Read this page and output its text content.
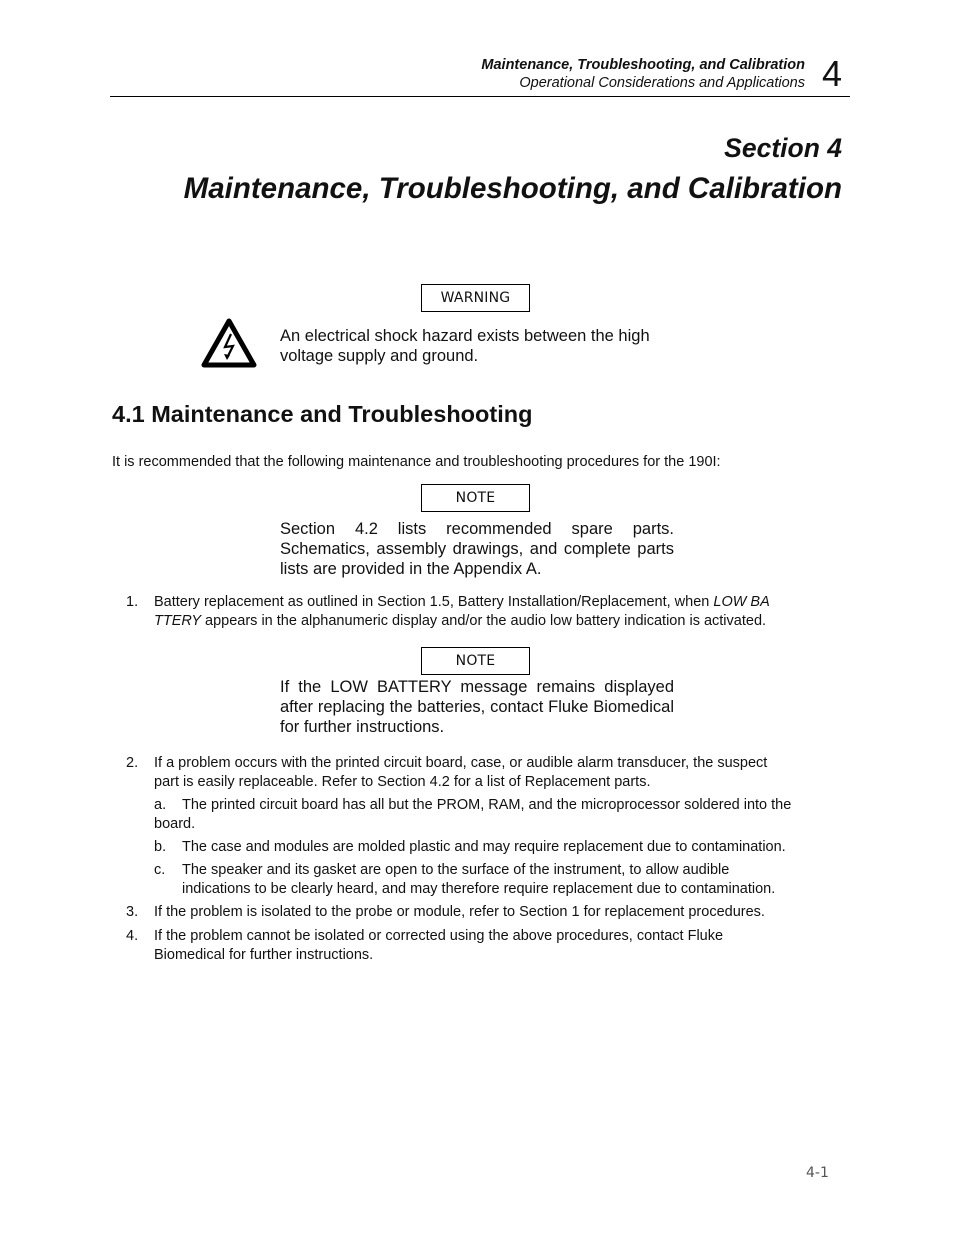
Maintenance, Troubleshooting, and Calibration
Operational Considerations and Applications 4
Section 4
Maintenance, Troubleshooting, and Calibration
WARNING
An electrical shock hazard exists between the high voltage supply and ground.
4.1 Maintenance and Troubleshooting
It is recommended that the following maintenance and troubleshooting procedures for the 190I:
NOTE
Section 4.2 lists recommended spare parts. Schematics, assembly drawings, and complete parts lists are provided in the Appendix A.
1. Battery replacement as outlined in Section 1.5, Battery Installation/Replacement, when LOW BA
TTERY appears in the alphanumeric display and/or the audio low battery indication is activated.
NOTE
If the LOW BATTERY message remains displayed after replacing the batteries, contact Fluke Biomedical for further instructions.
2. If a problem occurs with the printed circuit board, case, or audible alarm transducer, the suspect
part is easily replaceable. Refer to Section 4.2 for a list of Replacement parts.
a. The printed circuit board has all but the PROM, RAM, and the microprocessor soldered into the
board.
b. The case and modules are molded plastic and may require replacement due to contamination.
c. The speaker and its gasket are open to the surface of the instrument, to allow audible
indications to be clearly heard, and may therefore require replacement due to contamination.
3. If the problem is isolated to the probe or module, refer to Section 1 for replacement procedures.
4. If the problem cannot be isolated or corrected using the above procedures, contact Fluke
Biomedical for further instructions.
4-1
